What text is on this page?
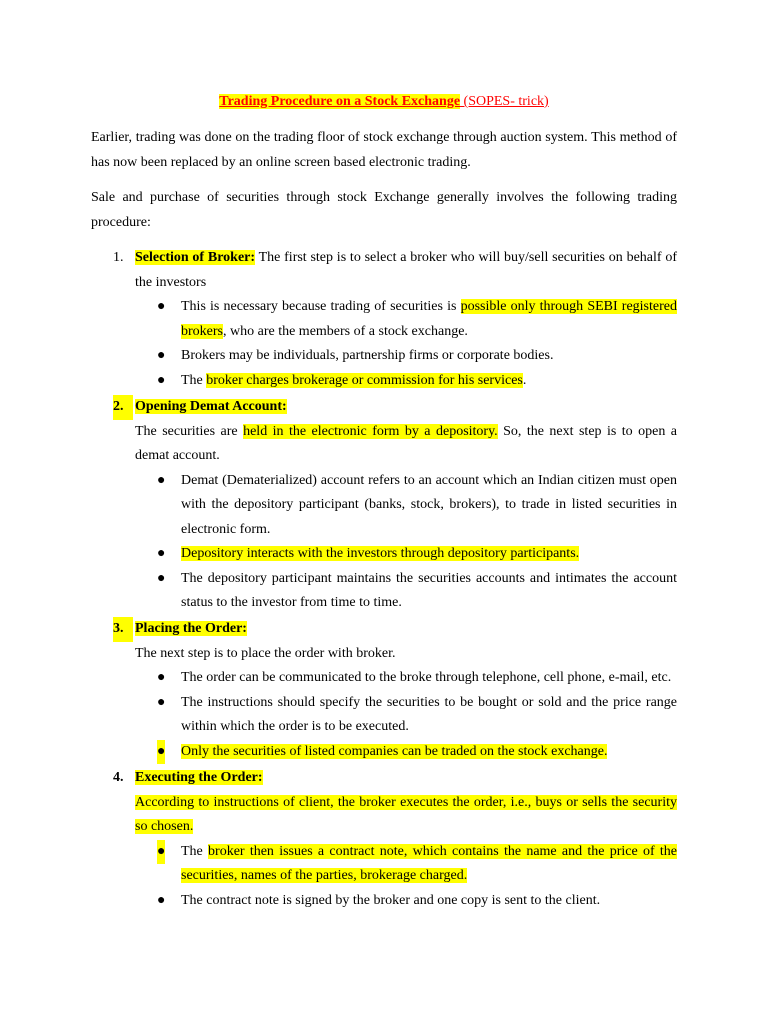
Trading Procedure on a Stock Exchange (SOPES- trick)
Earlier, trading was done on the trading floor of stock exchange through auction system. This method of has now been replaced by an online screen based electronic trading.
Sale and purchase of securities through stock Exchange generally involves the following trading procedure:
1. Selection of Broker: The first step is to select a broker who will buy/sell securities on behalf of the investors
● This is necessary because trading of securities is possible only through SEBI registered brokers, who are the members of a stock exchange.
● Brokers may be individuals, partnership firms or corporate bodies.
● The broker charges brokerage or commission for his services.
2. Opening Demat Account:
The securities are held in the electronic form by a depository. So, the next step is to open a demat account.
● Demat (Dematerialized) account refers to an account which an Indian citizen must open with the depository participant (banks, stock, brokers), to trade in listed securities in electronic form.
● Depository interacts with the investors through depository participants.
● The depository participant maintains the securities accounts and intimates the account status to the investor from time to time.
3. Placing the Order:
The next step is to place the order with broker.
● The order can be communicated to the broke through telephone, cell phone, e-mail, etc.
● The instructions should specify the securities to be bought or sold and the price range within which the order is to be executed.
● Only the securities of listed companies can be traded on the stock exchange.
4. Executing the Order:
According to instructions of client, the broker executes the order, i.e., buys or sells the security so chosen.
● The broker then issues a contract note, which contains the name and the price of the securities, names of the parties, brokerage charged.
● The contract note is signed by the broker and one copy is sent to the client.
